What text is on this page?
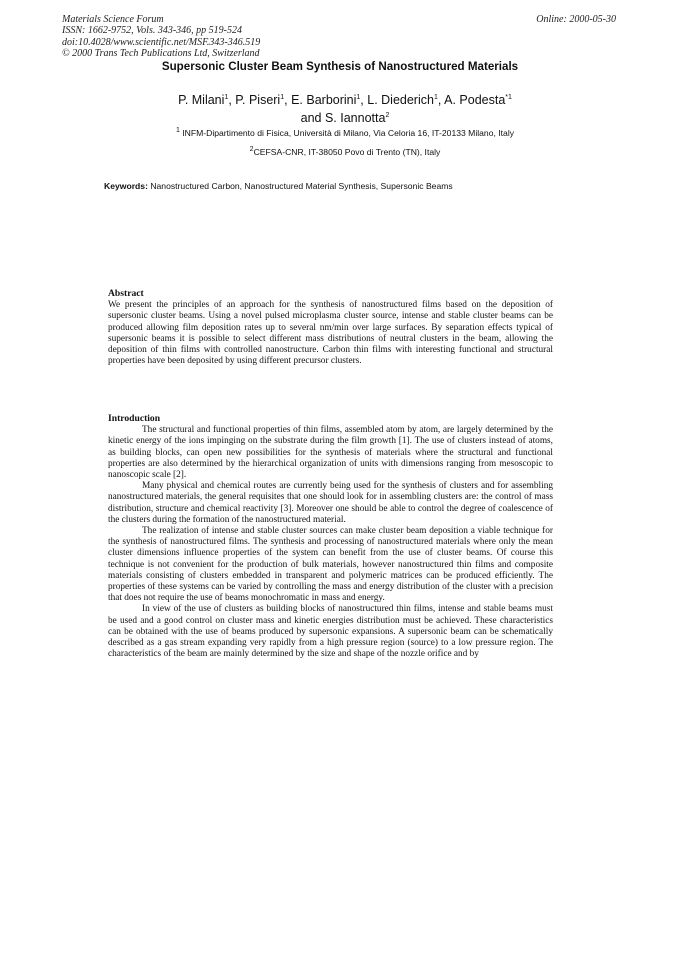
Materials Science Forum
ISSN: 1662-9752, Vols. 343-346, pp 519-524
doi:10.4028/www.scientific.net/MSF.343-346.519
© 2000 Trans Tech Publications Ltd, Switzerland
Online: 2000-05-30
Supersonic Cluster Beam Synthesis of Nanostructured Materials
P. Milani$^1$, P. Piseri$^1$, E. Barborini$^1$, L. Diederich$^1$, A. Podesta$^{*1}$
and S. Iannotta$^2$
$^1$ INFM-Dipartimento di Fisica, Università di Milano, Via Celoria 16, IT-20133 Milano, Italy
$^2$CEFSA-CNR, IT-38050 Povo di Trento (TN), Italy
Keywords: Nanostructured Carbon, Nanostructured Material Synthesis, Supersonic Beams
Abstract

We present the principles of an approach for the synthesis of nanostructured films based on the deposition of supersonic cluster beams. Using a novel pulsed microplasma cluster source, intense and stable cluster beams can be produced allowing film deposition rates up to several nm/min over large surfaces. By separation effects typical of supersonic beams it is possible to select different mass distributions of neutral clusters in the beam, allowing the deposition of thin films with controlled nanostructure. Carbon thin films with interesting functional and structural properties have been deposited by using different precursor clusters.

Introduction

The structural and functional properties of thin films, assembled atom by atom, are largely determined by the kinetic energy of the ions impinging on the substrate during the film growth [1]. The use of clusters instead of atoms, as building blocks, can open new possibilities for the synthesis of materials where the structural and functional properties are also determined by the hierarchical organization of units with dimensions ranging from mesoscopic to nanoscopic scale [2].

Many physical and chemical routes are currently being used for the synthesis of clusters and for assembling nanostructured materials, the general requisites that one should look for in assembling clusters are: the control of mass distribution, structure and chemical reactivity [3]. Moreover one should be able to control the degree of coalescence of the clusters during the formation of the nanostructured material.

The realization of intense and stable cluster sources can make cluster beam deposition a viable technique for the synthesis of nanostructured films. The synthesis and processing of nanostructured materials where only the mean cluster dimensions influence properties of the system can benefit from the use of cluster beams. Of course this technique is not convenient for the production of bulk materials, however nanostructured thin films and composite materials consisting of clusters embedded in transparent and polymeric matrices can be produced efficiently. The properties of these systems can be varied by controlling the mass and energy distribution of the cluster with a precision that does not require the use of beams monochromatic in mass and energy.

In view of the use of clusters as building blocks of nanostructured thin films, intense and stable beams must be used and a good control on cluster mass and kinetic energies distribution must be achieved. These characteristics can be obtained with the use of beams produced by supersonic expansions. A supersonic beam can be schematically described as a gas stream expanding very rapidly from a high pressure region (source) to a low pressure region. The characteristics of the beam are mainly determined by the size and shape of the nozzle orifice and by
